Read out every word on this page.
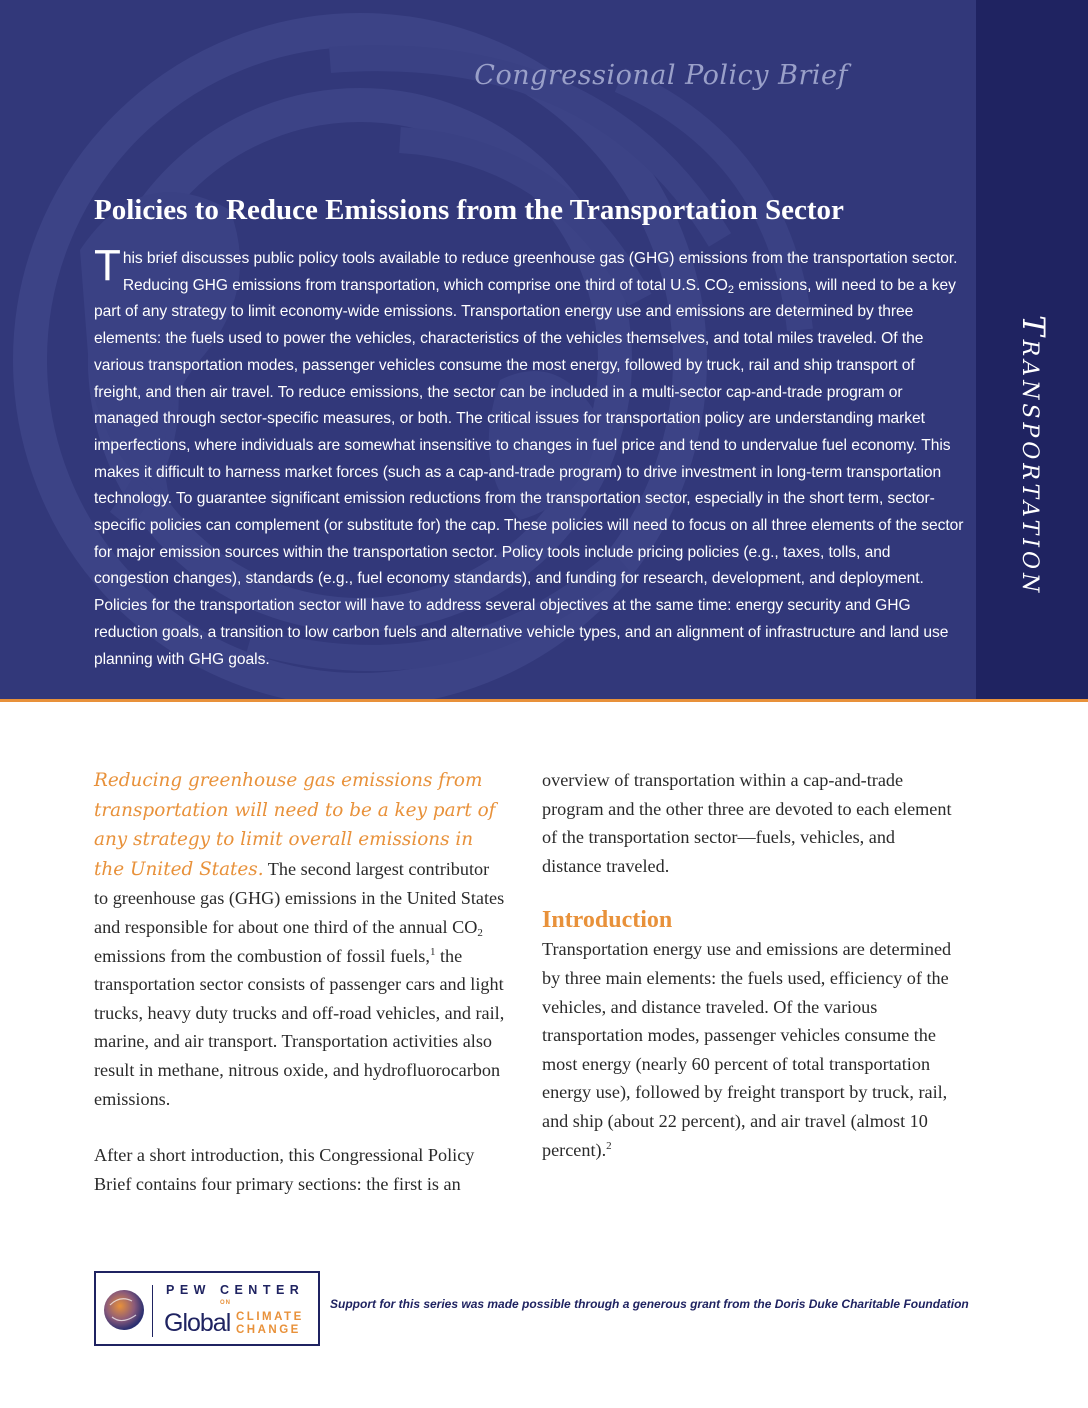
Congressional Policy Brief
Policies to Reduce Emissions from the Transportation Sector

This brief discusses public policy tools available to reduce greenhouse gas (GHG) emissions from the transportation sector. Reducing GHG emissions from transportation, which comprise one third of total U.S. $CO_2$ emissions, will need to be a key part of any strategy to limit economy-wide emissions. Transportation energy use and emissions are determined by three elements: the fuels used to power the vehicles, characteristics of the vehicles themselves, and total miles traveled. Of the various transportation modes, passenger vehicles consume the most energy, followed by truck, rail and ship transport of freight, and then air travel. To reduce emissions, the sector can be included in a multi-sector cap-and-trade program or managed through sector-specific measures, or both. The critical issues for transportation policy are understanding market imperfections, where individuals are somewhat insensitive to changes in fuel price and tend to undervalue fuel economy. This makes it difficult to harness market forces (such as a cap-and-trade program) to drive investment in long-term transportation technology. To guarantee significant emission reductions from the transportation sector, especially in the short term, sector-specific policies can complement (or substitute for) the cap. These policies will need to focus on all three elements of the sector for major emission sources within the transportation sector. Policy tools include pricing policies (e.g., taxes, tolls, and congestion changes), standards (e.g., fuel economy standards), and funding for research, development, and deployment. Policies for the transportation sector will have to address several objectives at the same time: energy security and GHG reduction goals, a transition to low carbon fuels and alternative vehicle types, and an alignment of infrastructure and land use planning with GHG goals.

Transportation

Reducing greenhouse gas emissions from transportation will need to be a key part of any strategy to limit overall emissions in the United States. The second largest contributor to greenhouse gas (GHG) emissions in the United States and responsible for about one third of the annual $CO_2$ emissions from the combustion of fossil fuels,$^1$ the transportation sector consists of passenger cars and light trucks, heavy duty trucks and off-road vehicles, and rail, marine, and air transport. Transportation activities also result in methane, nitrous oxide, and hydrofluorocarbon emissions.

After a short introduction, this Congressional Policy Brief contains four primary sections: the first is an

overview of transportation within a cap-and-trade program and the other three are devoted to each element of the transportation sector—fuels, vehicles, and distance traveled.

Introduction

Transportation energy use and emissions are determined by three main elements: the fuels used, efficiency of the vehicles, and distance traveled. Of the various transportation modes, passenger vehicles consume the most energy (nearly 60 percent of total transportation energy use), followed by freight transport by truck, rail, and ship (about 22 percent), and air travel (almost 10 percent).$^2$

PEW CENTER
ON
Global CLIMATE
CHANGE
Support for this series was made possible through a generous grant from the Doris Duke Charitable Foundation
